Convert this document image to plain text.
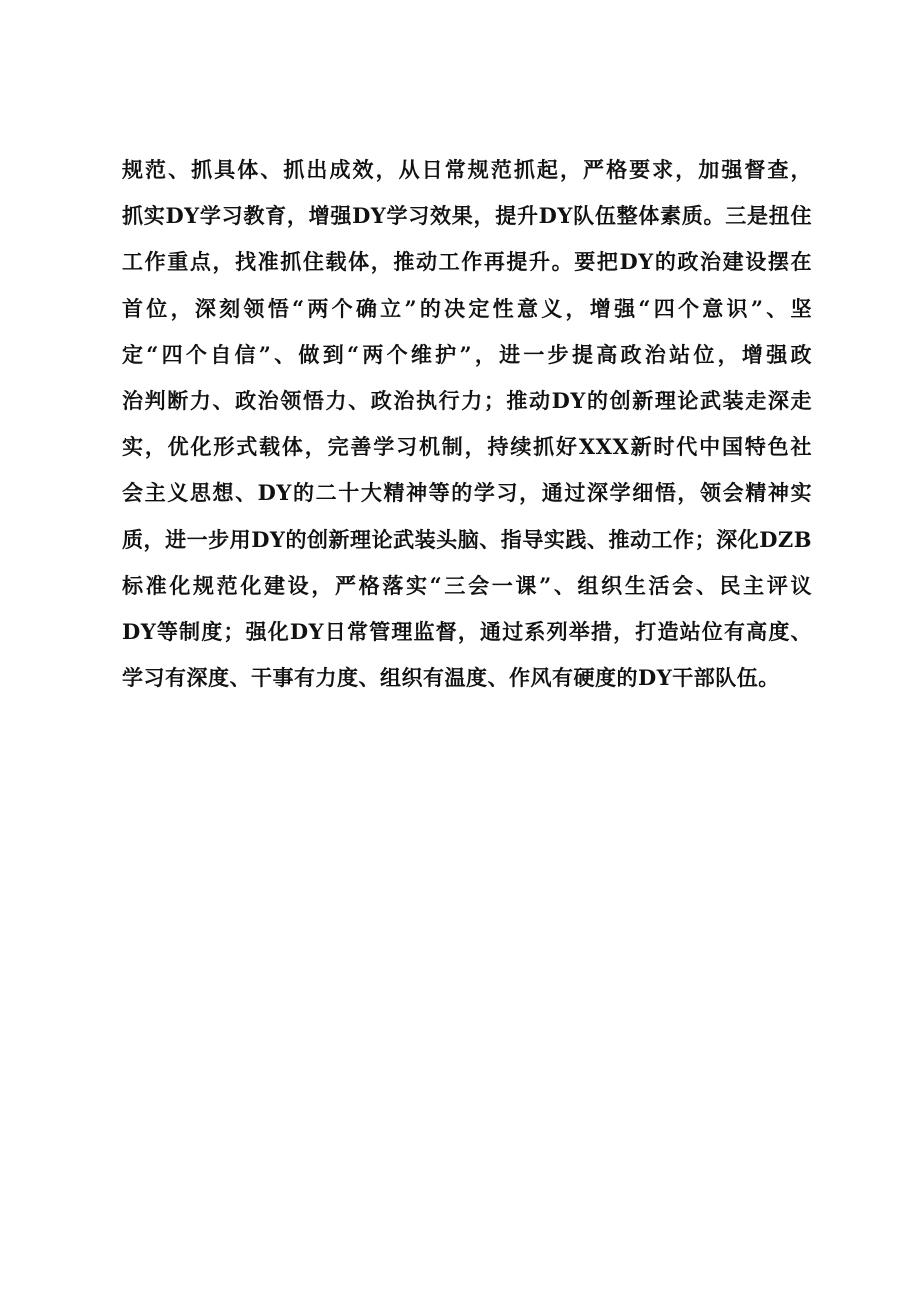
规范、抓具体、抓出成效，从日常规范抓起，严格要求，加强督查，
抓实DY学习教育，增强DY学习效果，提升DY队伍整体素质。三是扭住
工作重点，找准抓住载体，推动工作再提升。要把DY的政治建设摆在
首位，深刻领悟“两个确立”的决定性意义，增强“四个意识”、坚
定“四个自信”、做到“两个维护”，进一步提高政治站位，增强政
治判断力、政治领悟力、政治执行力；推动DY的创新理论武装走深走
实，优化形式载体，完善学习机制，持续抓好XXX新时代中国特色社
会主义思想、DY的二十大精神等的学习，通过深学细悟，领会精神实
质，进一步用DY的创新理论武装头脑、指导实践、推动工作；深化DZB
标准化规范化建设，严格落实“三会一课”、组织生活会、民主评议
DY等制度；强化DY日常管理监督，通过系列举措，打造站位有高度、
学习有深度、干事有力度、组织有温度、作风有硬度的DY干部队伍。
